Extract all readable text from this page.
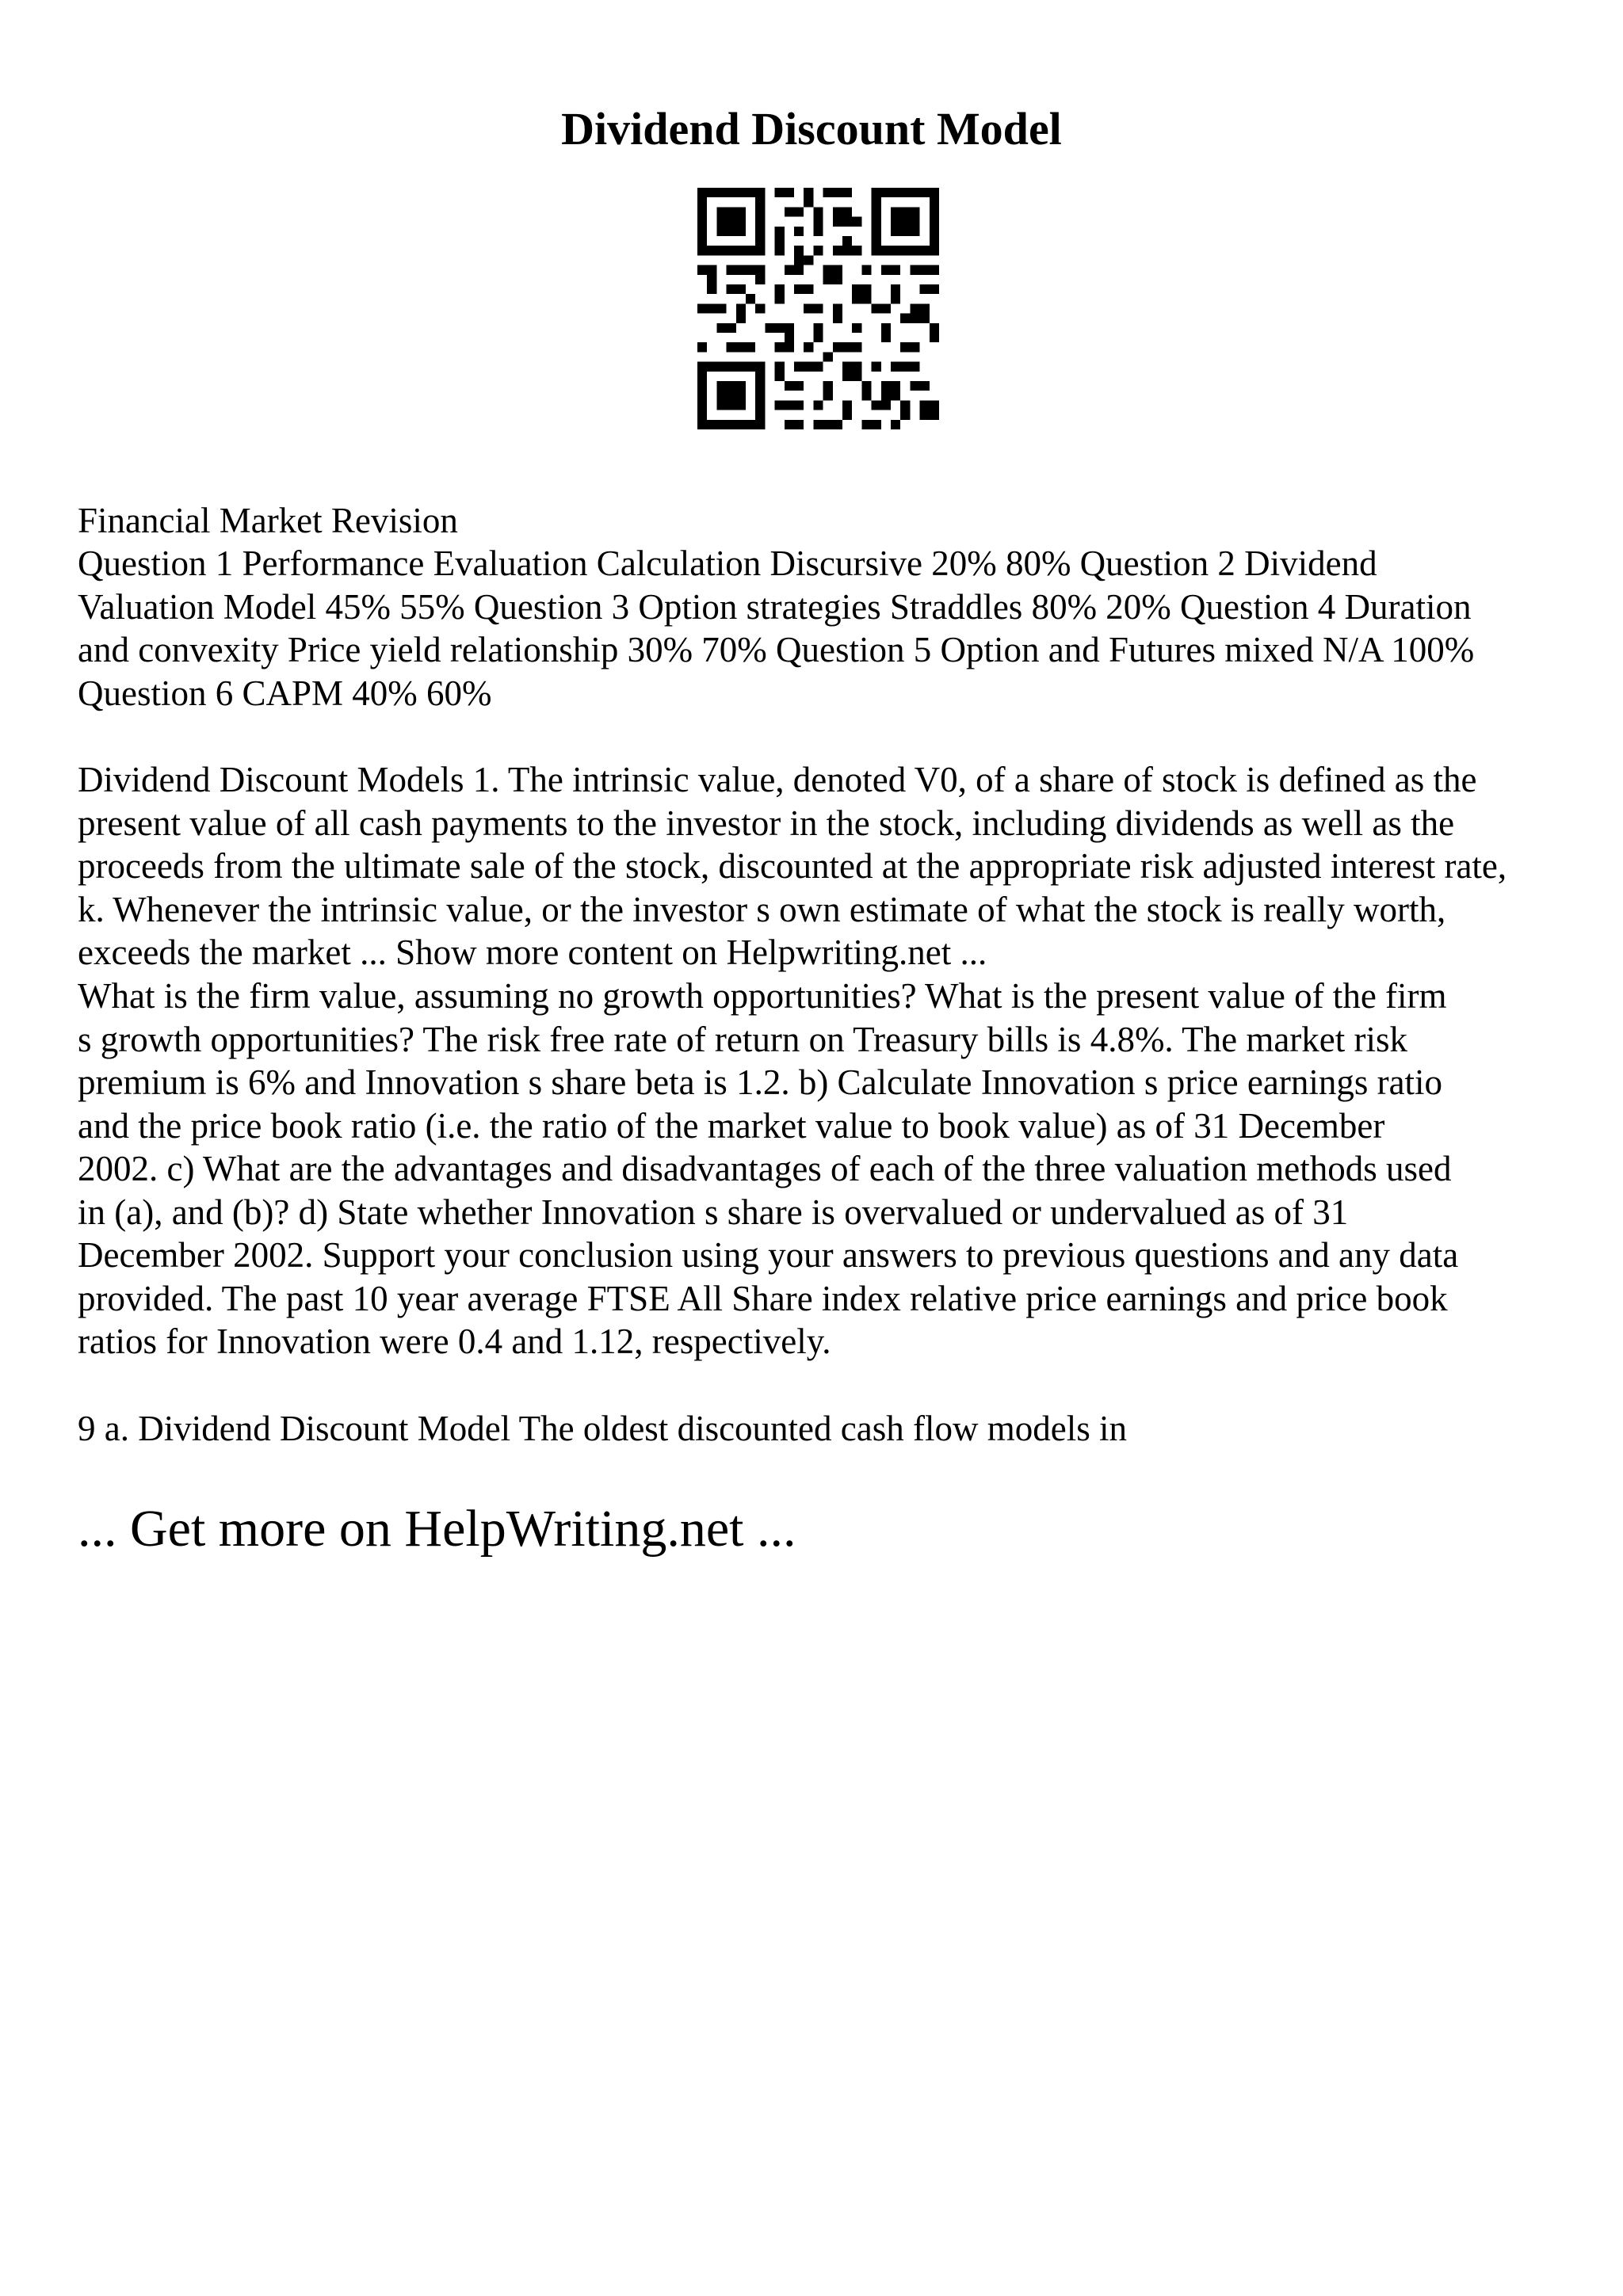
Dividend Discount Model
Financial Market Revision
Question 1 Performance Evaluation Calculation Discursive 20% 80% Question 2 Dividend
Valuation Model 45% 55% Question 3 Option strategies Straddles 80% 20% Question 4 Duration
and convexity Price yield relationship 30% 70% Question 5 Option and Futures mixed N/A 100%
Question 6 CAPM 40% 60%
Dividend Discount Models 1. The intrinsic value, denoted V0, of a share of stock is defined as the
present value of all cash payments to the investor in the stock, including dividends as well as the
proceeds from the ultimate sale of the stock, discounted at the appropriate risk adjusted interest rate,
k. Whenever the intrinsic value, or the investor s own estimate of what the stock is really worth,
exceeds the market ... Show more content on Helpwriting.net ...
What is the firm value, assuming no growth opportunities? What is the present value of the firm
s growth opportunities? The risk free rate of return on Treasury bills is 4.8%. The market risk
premium is 6% and Innovation s share beta is 1.2. b) Calculate Innovation s price earnings ratio
and the price book ratio (i.e. the ratio of the market value to book value) as of 31 December
2002. c) What are the advantages and disadvantages of each of the three valuation methods used
in (a), and (b)? d) State whether Innovation s share is overvalued or undervalued as of 31
December 2002. Support your conclusion using your answers to previous questions and any data
provided. The past 10 year average FTSE All Share index relative price earnings and price book
ratios for Innovation were 0.4 and 1.12, respectively.
9 a. Dividend Discount Model The oldest discounted cash flow models in
... Get more on HelpWriting.net ...
